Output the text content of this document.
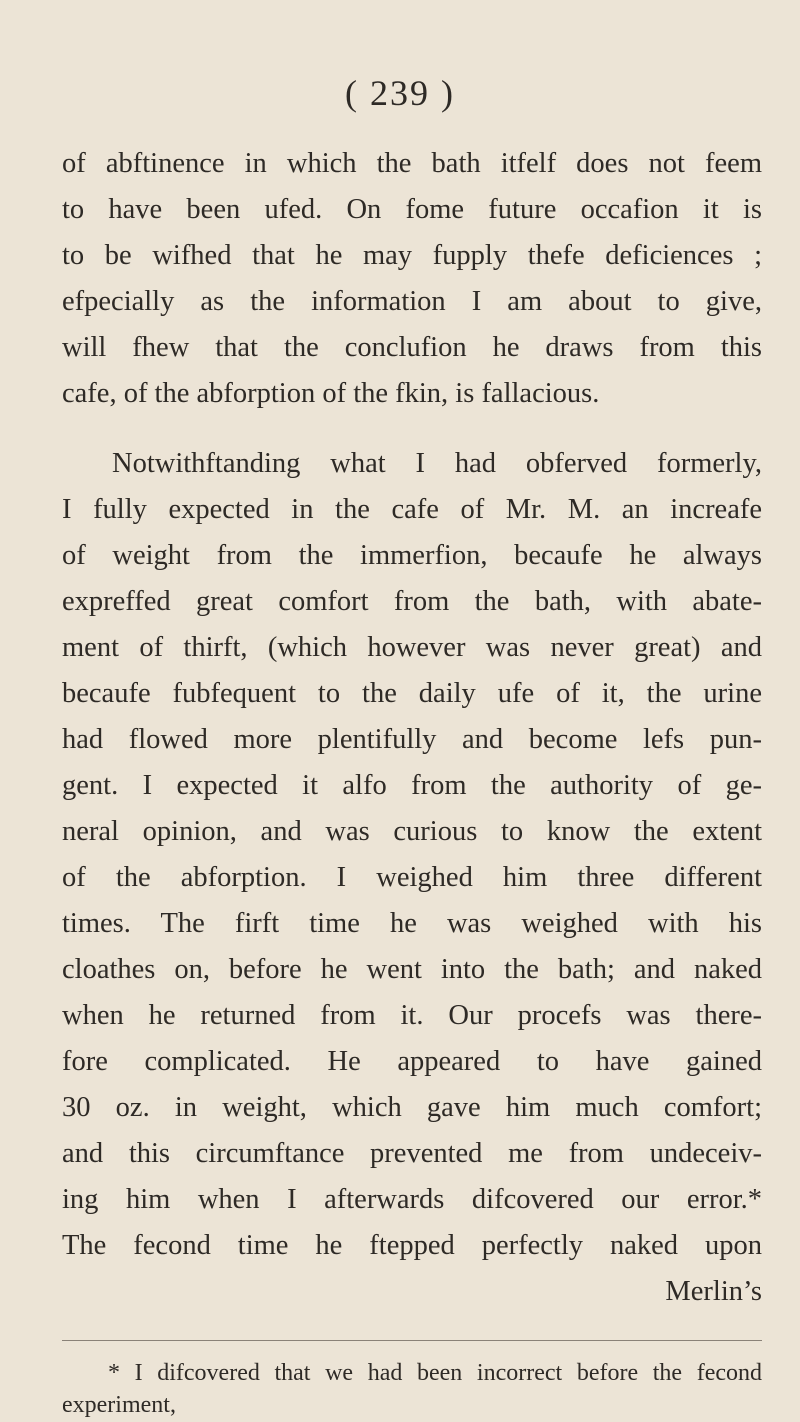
( 239 )
of abftinence in which the bath itfelf does not feem
to have been ufed. On fome future occafion it is
to be wifhed that he may fupply thefe deficiences ;
efpecially as the information I am about to give,
will fhew that the conclufion he draws from this
cafe, of the abforption of the fkin, is fallacious.
Notwithftanding what I had obferved formerly,
I fully expected in the cafe of Mr. M. an increafe
of weight from the immerfion, becaufe he always
expreffed great comfort from the bath, with abate-
ment of thirft, (which however was never great) and
becaufe fubfequent to the daily ufe of it, the urine
had flowed more plentifully and become lefs pun-
gent. I expected it alfo from the authority of ge-
neral opinion, and was curious to know the extent
of the abforption. I weighed him three different
times. The firft time he was weighed with his
cloathes on, before he went into the bath; and naked
when he returned from it. Our procefs was there-
fore complicated. He appeared to have gained
30 oz. in weight, which gave him much comfort;
and this circumftance prevented me from undeceiv-
ing him when I afterwards difcovered our error.*
The fecond time he ftepped perfectly naked upon
Merlin’s
* I difcovered that we had been incorrect before the fecond
experiment,
